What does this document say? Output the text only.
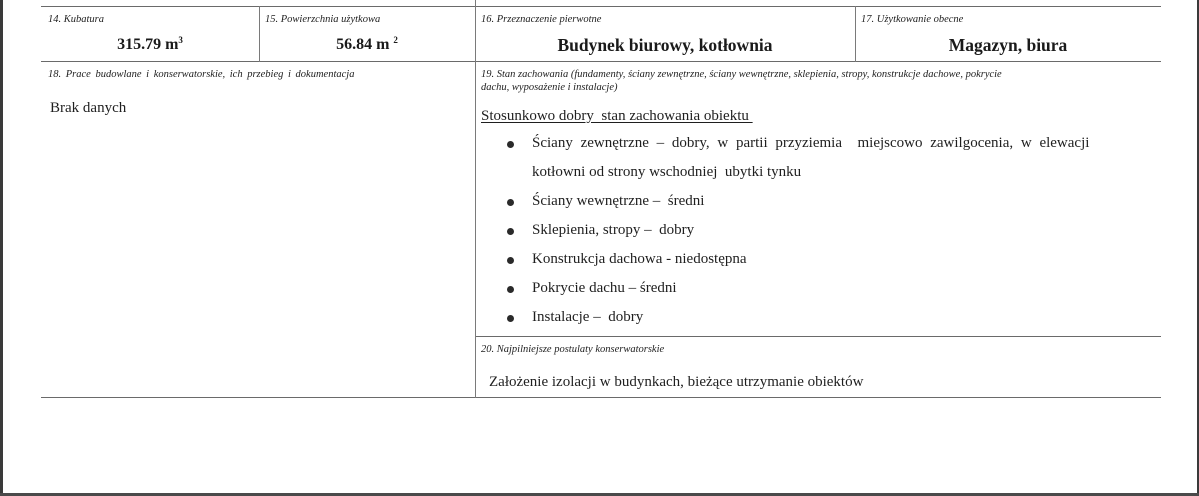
14. Kubatura
315.79 $m^3$
15. Powierzchnia użytkowa
56.84 m $^2$
16. Przeznaczenie pierwotne
Budynek biurowy, kotłownia
17. Użytkowanie obecne
Magazyn, biura
18. Prace budowlane i konserwatorskie, ich przebieg i dokumentacja
Brak danych
19. Stan zachowania (fundamenty, ściany zewnętrzne, ściany wewnętrzne, sklepienia, stropy, konstrukcje dachowe, pokrycie
dachu, wyposażenie i instalacje)
Stosunkowo dobry  stan zachowania obiektu
Ściany zewnętrzne – dobry, w partii przyziemia  miejscowo zawilgocenia, w elewacji
kotłowni od strony wschodniej  ubytki tynku
Ściany wewnętrzne –  średni
Sklepienia, stropy –  dobry
Konstrukcja dachowa - niedostępna
Pokrycie dachu – średni
Instalacje –  dobry
20. Najpilniejsze postulaty konserwatorskie
Założenie izolacji w budynkach, bieżące utrzymanie obiektów
